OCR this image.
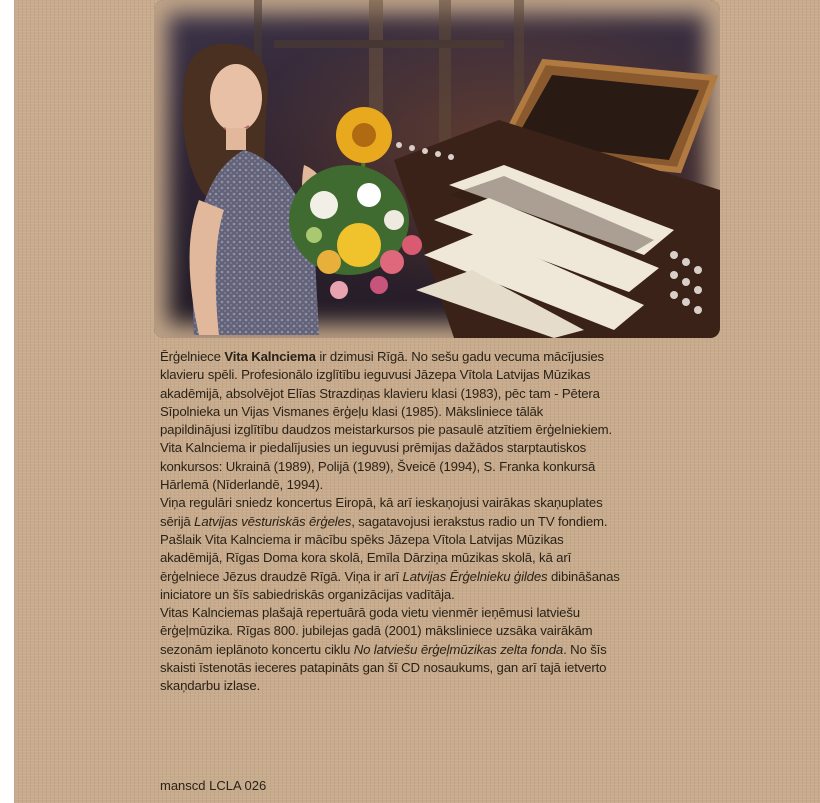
Ērģelniece Vita Kalnciema ir dzimusi Rīgā. No sešu gadu vecuma mācījusies
klavieru spēli. Profesionālo izglītību ieguvusi Jāzepa Vītola Latvijas Mūzikas
akadēmijā, absolvējot Elīas Strazdiņas klavieru klasi (1983), pēc tam - Pētera
Sīpolnieka un Vijas Vismanes ērģeļu klasi (1985). Māksliniece tālāk
papildinājusi izglītību daudzos meistarkursos pie pasaulē atzītiem ērģelniekiem.
Vita Kalnciema ir piedalījusies un ieguvusi prēmijas dažādos starptautiskos
konkursos: Ukrainā (1989), Polijā (1989), Šveicē (1994), S. Franka konkursā
Hārlemā (Nīderlandē, 1994).
Viņa regulāri sniedz koncertus Eiropā, kā arī ieskaņojusi vairākas skaņuplates
sērijā Latvijas vēsturiskās ērģeles, sagatavojusi ierakstus radio un TV fondiem.
Pašlaik Vita Kalnciema ir mācību spēks Jāzepa Vītola Latvijas Mūzikas
akadēmijā, Rīgas Doma kora skolā, Emīla Dārziņa mūzikas skolā, kā arī
ērģelniece Jēzus draudzē Rīgā. Viņa ir arī Latvijas Ērģelnieku ģildes dibināšanas
iniciatore un šīs sabiedriskās organizācijas vadītāja.
Vitas Kalnciemas plašajā repertuārā goda vietu vienmēr ieņēmusi latviešu
ērģeļmūzika. Rīgas 800. jubilejas gadā (2001) māksliniece uzsāka vairākām
sezonām ieplānoto koncertu ciklu No latviešu ērģeļmūzikas zelta fonda. No šīs
skaisti īstenotās ieceres patapināts gan šī CD nosaukums, gan arī tajā ietverto
skaņdarbu izlase.
manscd LCLA 026
